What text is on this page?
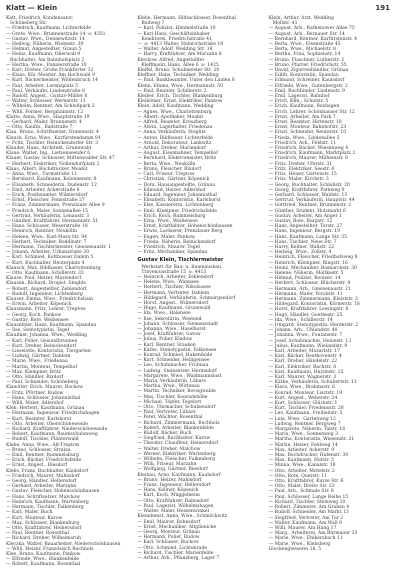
Klatt — Klein	191
Katt, Friedrich, Kondensator,
Schöneberg Str.
— Friedrich, Kaufmann, Lichterfelde
— Grete, Wwe., Brunnenstraße 14 ☏ 4351
— Gustav, Wwe., Dennewitzstr. 14
— Hedwig, Näherin, Wiebestr. 39
— Helmut, Angestellter, Graun 5
— Heinz, Kaufmann, Oberwall 9
Buchhalter, Am Bahnhofsplatz 2
— Hertha, Wwe., Pannierstraße 10
— Karl, Dreher, Große Frankfurter 32
— Klaus, Kfz.-Meister, Am Hochwald 9
— Kurt, Bäckermeister, Wildenbruch 14
— Paul, Arbeiter, Lorenzplatz 5
— Paul, Verkäufer, Lindenstraße 8
— Rudolf, Angest., Gustav-Müller 6
— Walter, Schlosser, Wernerstr. 11
— Wilhelm, Rentner, Am Schloßpark 3
— Willi, Former, Bergmannstr. 12
Klatte, Anna, Wwe., Hauptstraße 19
— Gerhard, Maler, Brunnenstr. 4
— Otto, Kaufm., Badstraße 7
Klau, Bruno, Schriftsetzer, Oranienstr. 4
Klauck, Erna, Wwe., Kurfürstendamm 91
— Fritz, Tischler, Reinickendorfer Str. 3
Klauder, Hans, Architekt, Grunewald
Klaue, Walter, Ing., Lietzenseeufer 6
Klauer, Gustav, Schlosser, Mittenwalder Str. 47
— Herbert, Elektriker, Nollendorfplatz 2
Klaus, Albert, Buchdrucker, Moabit
— Anna, Wwe., Turmstraße 11
— Bernhard, Kaufmann, Kolonnenstr. 8
— Elisabeth, Schneiderin, Dudenstr. 12
— Emil, Arbeiter, Ackerstraße 6
— Erich, Postbeamter, Wilmersdorf
— Ernst, Fleischer, Fennstraße 27
— Franz, Zimmermann, Prenzlauer Allee 9
— Friedrich, Maler, Sonnenallee 15
— Gertrud, Verkäuferin, Lenaustr. 3
— Günther, Kraftfahrer, Hermannstr. 51
— Hans, Schlosser, Weserstraße 18
— Heinrich, Rentner, Neukölln
— Helene, Wwe., Karl-Marx-Str. 94
— Herbert, Techniker, Boddinstr. 7
— Hermann, Tischlermeister, Gneisenaustr. 1
— Johann, Arbeiter, Urbanstraße 30
— Karl, Schmied, Kottbusser Damm 5
— Kurt, Buchhalter, Reuterplatz 4
Klausch, Max, Bildhauer, Charlottenburg
— Otto, Kaufmann, Schillerstr. 33
Klause, Paul, Heizer, Mariendorf
Klausen, Richard, Drogist, Steglitz
— Robert, Angestellter, Zehlendorf
— Rudolf, Ingenieur, Lichtenberg
Klauser, Emma, Wwe., Friedrichshain
— Erwin, Arbeiter, Köpenick
Klausmann, Fritz, Lehrer, Treptow
— Georg, Koch, Pankow
— Gustav, Bote, Weißensee
Klausnitzer, Hans, Kaufmann, Spandau
— Ilse, Stenotypistin, Tegel
Klaußner, Johanna, Wwe., Wedding
— Karl, Polier, Gesundbrunnen
— Kurt, Dreher, Reinickendorf
— Lieselotte, Kontoristin, Tiergarten
— Ludwig, Gärtner, Dahlem
— Marie, Wwe., Friedenau
— Martin, Monteur, Tempelhof
— Max, Klempner, Britz
— Otto, Händler, Rixdorf
— Paul, Schneider, Schöneberg
Klawitter, Erich, Maurer, Buckow
— Fritz, Pförtner, Rudow
— Hans, Schlosser, Johannisthal
— Willi, Maler, Adlershof
Kleb, Herbert, Kaufmann, Grünau
— Hermann, Ingenieur, Friedrichshagen
— Kurt, Beamter, Karlshorst
— Otto, Arbeiter, Oberschöneweide
— Richard, Kraftfahrer, Niederschöneweide
— Robert, Kaufmann, Baumschulenweg
— Rudolf, Tischler, Plänterwald
Klebe, Anna, Wwe., Alt-Treptow
— Bruno, Schlosser, Stralau
— Emil, Rentner, Rummelsburg
— Erich, Bäcker, Friedrichsfelde
— Ernst, Angest., Biesdorf
Klebs, Franz, Buchhalter, Kaulsdorf
— Friedrich, Maurer, Mahlsdorf
— Georg, Händler, Hellersdorf
— Gerhard, Arbeiter, Marzahn
— Gustav, Fleischer, Hohenschönhausen
— Hans, Schriftsetzer, Malchow
— Heinrich, Kaufmann, Wartenberg
— Hermann, Tischler, Falkenberg
— Karl, Maler, Buch
— Kurt, Monteur, Karow
— Max, Schlosser, Blankenburg
— Otto, Kraftfahrer, Heinersdorf
— Paul, Rentner, Rosenthal
— Richard, Dreher, Wilhelmsruh
Kleczka, Walter, Bauarbeiter, Niederschönhausen
— Willi, Heizer, Französisch Buchholz
Klee, Bruno, Kaufmann, Pankow
— Elfriede, Wwe., Blankenfelde
— Robert, Kaufmann, Rosenthal
Klebe, Hermann, Hilfsschlosser, Rosenthal
Budweg 7
— Karl, Polizist, Himmelstraße 10
— Karl Hans, Geschäftsinhaber
Konditorei, Friedrichstraße 41
— ☏ 4413 Walter, Heinrichstraße 18
— Walter, Adolf, Wedding Str. 18
— Harry, Kraftfahrer, Am Marzahn 8
Kleckow, Alfred, Angestellter
Kleffmann, Hans, Allee 6 ☏ 1425
Kleffel, Bruno, Schulmeister Str. 20
Kleffner, Hans, Techniker, Wedding
— Paul, Bankbeamter, Unter den Linden 6
Klehn, Emma, Wwe., Hermannstr. 50
— Paul, Rentner, Schillerstr. 2
Kleiber, Erich, Tischler, Blankenburg
Kleibömer, Ernst, Elektriker, Pankow
Klein, Adolf, Kaufmann, Wedding
— Agnes, Wwe., Charlottenburg
— Albert, Apotheker, Moabit
— Alfred, Beamter, Kreuzberg
— Alwin, Lagerhalter, Friedenau
— Anna, Verkäuferin, Steglitz
— Anton, Bildhauer, Lichterfelde
— Arnold, Dekorateur, Lankwitz
— Arthur, Dreher, Mariendorf
— August, Eisenbahner, Tempelhof
— Bernhard, Elektromeister, Britz
— Berta, Wwe., Neukölln
— Bruno, Fleischer, Rixdorf
— Carl, Friseur, Treptow
— Christian, Gärtner, Köpenick
— Dora, Hausangestellte, Grünau
— Edmund, Heizer, Adlershof
— Eduard, Ingenieur, Johannisthal
— Elisabeth, Kontoristin, Karlshorst
— Else, Kassiererin, Lichtenberg
— Emil, Klempner, Friedrichsfelde
— Erich, Koch, Rummelsburg
— Erna, Wwe., Weißensee
— Ernst, Kraftfahrer, Hohenschönhausen
— Erwin, Lackierer, Prenzlauer Berg
— Eugen, Maler, Pankow
— Frieda, Näherin, Reinickendorf
— Friedrich, Maurer, Tegel
— Fritz, Mechaniker, Spandau
Gustav Klein, Tischlermeister
Werkstatt für Bau- u. Innenausbau
Traveniusstraße 15 ☏ 4413
— Heinrich, Arbeiter, Zehlendorf
— Helene, Wwe., Wannsee
— Herbert, Tischler, Nikolassee
— Hermann, Vertreter, Dahlem
— Hildegard, Verkäuferin, Schmargendorf
— Horst, Angest., Wilmersdorf
— Hugo, Kaufmann, Grunewald
— Ida, Wwe., Halensee
— Ilse, Sekretärin, Westend
— Johann, Schlosser, Siemensstadt
— Johanna, Wwe., Haselhorst
— Josef, Kraftfahrer, Gatow
— Julius, Polier, Kladow
— Karl, Rentner, Staaken
— Käthe, Stenotypistin, Falkensee
— Konrad, Schmied, Hakenfelde
— Kurt, Schneider, Heiligensee
— Leo, Schuhmacher, Frohnau
— Ludwig, Steinsetzer, Hermsdorf
— Margarete, Wwe., Waidmannslust
— Maria, Verkäuferin, Lübars
— Martha, Wwe., Wittenau
— Martin, Techniker, Borsigwalde
— Max, Tischler, Konradshöhe
— Michael, Töpfer, Tegelort
— Otto, Uhrmacher, Schulzendorf
— Paul, Vertreter, Lübars
— Peter, Wächter, Rosenthal
— Richard, Zimmermann, Buchholz
— Robert, Arbeiter, Blankenfelde
— Rudolf, Bäcker, Buch
— Siegfried, Buchhalter, Karow
— Theodor, Chauffeur, Heinersdorf
— Walter, Dreher, Malchow
— Werner, Elektriker, Wartenberg
— Wilhelm, Fleischer, Falkenberg
— Willi, Friseur, Marzahn
— Wolfgang, Gärtner, Biesdorf
Kleinau, Arno, Kaufmann, Kaulsdorf
— Bruno, Heizer, Mahlsdorf
— Franz, Ingenieur, Hellersdorf
— Hans, Kellner, Köpenick
— Kurt, Koch, Müggelheim
— Otto, Kraftfahrer, Rahnsdorf
— Paul, Lagerist, Wilhelmshagen
— Walter, Maler, Hessenwinkel
Kleindienst, Anna, Wwe., Schmöckwitz
— Emil, Maurer, Bohnsdorf
— Ernst, Mechaniker, Altglienicke
— Georg, Monteur, Grünau
— Hermann, Polier, Rudow
— Karl, Schlosser, Buckow
— Otto, Schmied, Lichtenrade
— Richard, Tischler, Marienfelde
— Arthur, Arb., Pflanzberg, Lager 7
Klein, Arthur, Arzt, Wedding
Mollstr. 41
— August, Arb., Rathenower Allee 75
— August, Arb., Bernauer Str. 14
— Bernhard, Rentner, Kurfürstenstr. 4
— Berta, Wwe., Elsenstraße 45
— Berta, Wwe., Michaelstr. 8
— Bertha, Frau, Sophienstr. 14
— Bruno, Flaschner, Lutherstr. 2
— Bruno, Pfarrer, Friedrichstr. 55
— David, Zigarrenhändler, Grünau
— Edith, Kontoristin, Spandau
— Edmund, Schreiner, Kaulsdorf
— Elfriede, Wwe., Gutenbergstr. 2
— Emil, Buchbinder, Lindenstr. 9
— Emil, Lagerist, Bahnhof
— Erich, Kfm., Schulstr. 5
— Erich, Kaufmann, Boxhagen
— Erich, Lehrer, Schönhauser Str. 12
— Ernst, Arbeiter, Am Park 7
— Ernst, Beamter, Hirtenstr. 18
— Ernst, Monteur, Bahnhofstr. 23
— Ernst, Schneider, Reuterstr. 10
— Frieda, Wwe., Lindenallee 5
— Friedrich, Arb., Feldstr. 11
— Friedrich, Bäcker, Wiesenweg 4
— Friedrich, Kaufmann, Marktplatz 2
— Friedrich, Maurer, Mühlenstr. 8
— Fritz, Dreher, Uferstr. 31
— Fritz, Elektriker, Seestr. 6
— Fritz, Heizer, Gartenstr. 15
— Fritz, Maler, Kirchstr. 3
— Georg, Buchhalter, Schloßstr. 20
— Georg, Kraftfahrer, Parkweg 9
— Gerhard, Schlosser, Waldstr. 13
— Gertrud, Verkäuferin, Hauptstr. 44
— Gottfried, Rentner, Brunnenstr. 2
— Günther, Student, Holzmarkt 6
— Gustav, Arbeiter, Am Anger 1
— Gustav, Bote, Burgstr. 12
— Hans, Angestellter, Torstr. 27
— Hans, Ingenieur, Bergstr. 19
— Hans, Kaufmann, Lange Str. 35
— Hans, Tischler, Neue Str. 7
— Harry, Kellner, Wallstr. 22
— Hedwig, Wwe., Zollstr. 4
— Heinrich, Fleischer, Friedhofsweg 8
— Heinrich, Klempner, Ringstr. 16
— Heinz, Mechaniker, Bismarckstr. 30
— Helene, Näherin, Moltkestr. 5
— Helmut, Polizist, Roonstr. 14
— Herbert, Schlosser, Blücherstr. 9
— Hermann, Arb., Gneisenaustr. 21
— Hermann, Maler, Yorckstr. 11
— Hermann, Zimmermann, Kleiststr. 3
— Hildegard, Kontoristin, Körnerstr. 18
— Horst, Kraftfahrer, Lessingstr. 6
— Hugo, Händler, Goethestr. 25
— Ida, Wwe., Schillerstr. 14
— Irmgard, Stenotypistin, Herderstr. 2
— Johann, Arb., Uhlandstr. 40
— Johanna, Wwe., Fontanestr. 7
— Josef, Schuhmacher, Heinestr. 13
— Julius, Kaufmann, Wielandstr. 9
— Karl, Arbeiter, Mozartstr. 17
— Karl, Bäcker, Beethovenstr. 4
— Karl, Dreher, Händelstr. 22
— Karl, Elektriker, Bachstr. 8
— Karl, Kaufmann, Haydnstr. 15
— Karl, Maurer, Wagnerstr. 3
— Käthe, Verkäuferin, Schubertstr. 11
— Klara, Wwe., Brahmsstr. 6
— Konrad, Monteur, Lisztstr. 19
— Kurt, Angest., Weberstr. 24
— Kurt, Schlosser, Glückstr. 1
— Kurt, Tischler, Friedensstr. 28
— Leo, Kaufmann, Freiheitstr. 5
— Lina, Wwe., Gartenweg 12
— Ludwig, Rentner, Bergweg 7
— Margarete, Näherin, Talstr. 16
— Maria, Wwe., Sonnenweg 3
— Martha, Kontoristin, Wiesenstr. 21
— Martin, Heizer, Feldweg 14
— Max, Arbeiter, Ackerstr. 9
— Max, Buchdrucker, Hafenstr. 30
— Max, Kaufmann, Hofstr. 5
— Minna, Wwe., Kanalstr. 18
— Otto, Arbeiter, Mittelstr. 2
— Otto, Bote, Querstr. 11
— Otto, Kraftfahrer, Kurze Str. 6
— Otto, Maler, Breite Str. 23
— Paul, Arb., Schmale Str. 8
— Paul, Schlosser, Lange Reihe 15
— Richard, Tischler, Steinweg 10
— Robert, Zimmerer, Am Graben 4
— Rudolf, Schneider, Am Markt 13
— Siegfried, Vertreter, Am Tor 2
— Walter, Kaufmann, Am Wall 9
— Willi, Maurer, Am Hang 17
— Marg., Arbeiterin, Am Bürmauer 23
— Marie, Wwe., Ehlkersbach 11
— Marie, Wwe., Klebsberg
Glockengiesserei 18, 5
